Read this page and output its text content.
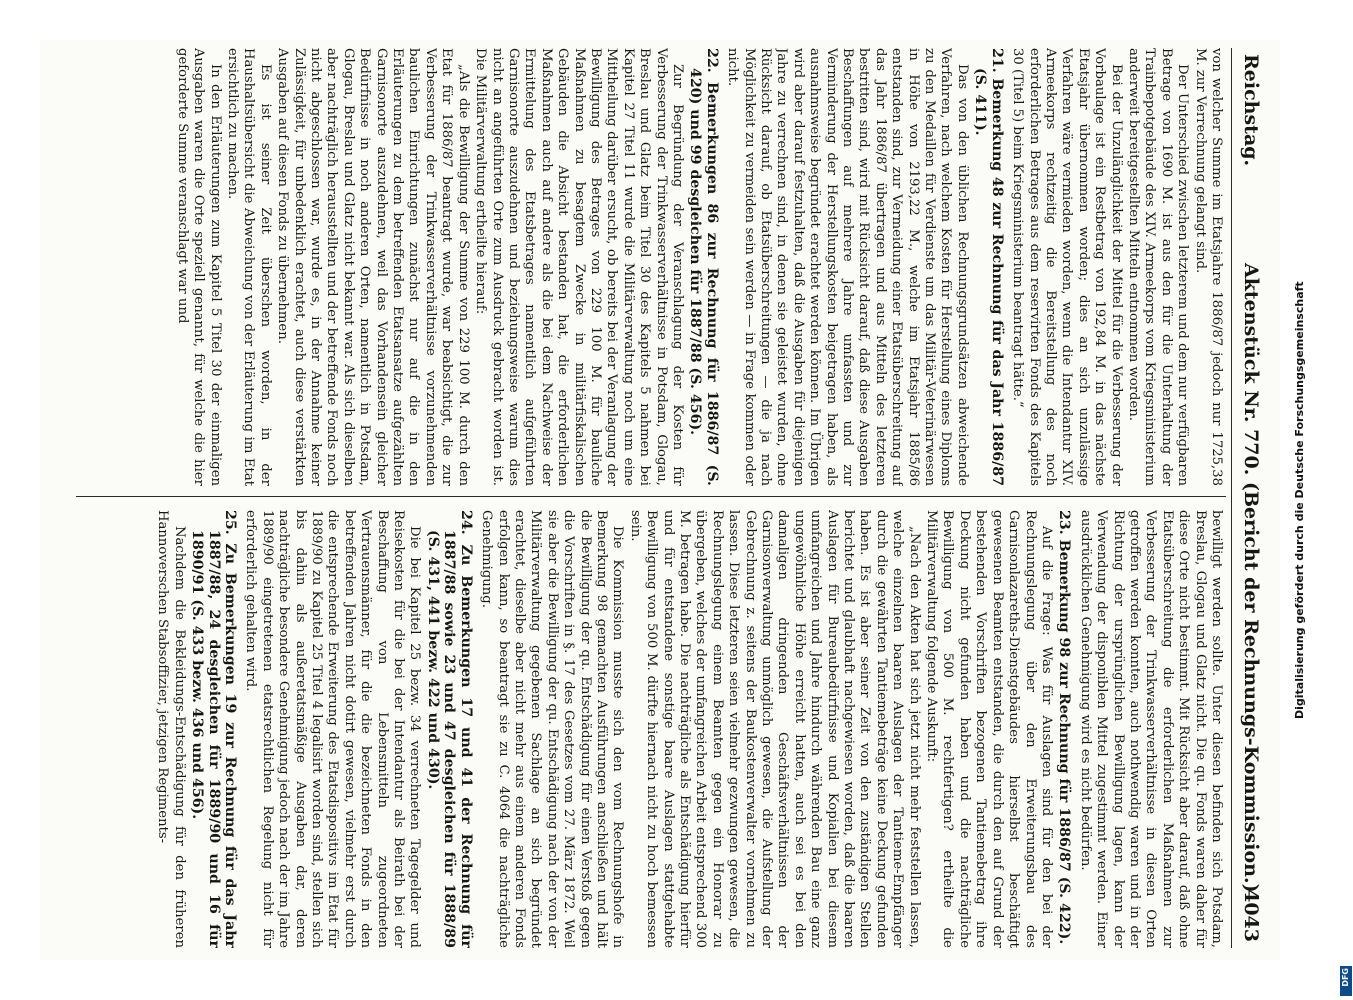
Reichstag.
Aktenstück Nr. 770. (Bericht der Rechnungs-Kommission.)
4043

von welcher Summe im Etatsjahre 1886/87 jedoch nur 1725,38 M. zur Verrechnung gelangt sind.

Der Unterschied zwischen letzterem und dem nur verfügbaren Betrage von 1690 M. ist aus den für die Unterhaltung der Trainbepotgebäude des XIV. Armeekorps vom Kriegsministerium anderweit bereitgestellten Mitteln entnommen worden.

Bei der Unzulänglichkeit der Mittel für die Verbesserung der Vorbaulage ist ein Restbetrag von 192,84 M. in das nächste Etatsjahr übernommen worden; dies an sich unzulässige Verfahren wäre vermieden worden, wenn die Intendantur XIV. Armeekorps rechtzeitig die Bereitstellung des noch erforderlichen Betrages aus dem reservirten Fonds des Kapitels 30 (Titel 5) beim Kriegsministerium beantragt hätte.“

21. Bemerkung 48 zur Rechnung für das Jahr 1886/87 (S. 411).

Das von den üblichen Rechnungsgrundsätzen abweichende Verfahren, nach welchem Kosten für Herstellung eines Diploms zu den Medaillen für Verdienste um das Militär-Veterinärwesen in Höhe von 2193,22 M., welche im Etatsjahr 1885/86 entstanden sind, zur Vermeidung einer Etatsüberschreitung auf das Jahr 1886/87 übertragen und aus Mitteln des letzteren bestritten sind, wird mit Rücksicht darauf, daß diese Ausgaben Beschaffungen auf mehrere Jahre umfassten und zur Verminderung der Herstellungskosten beigetragen haben, als ausnahmsweise begründet erachtet werden können. Im Übrigen wird aber darauf festzuhalten, daß die Ausgaben für diejenigen Jahre zu verrechnen sind, in denen sie geleistet wurden, ohne Rücksicht darauf, ob Etatsüberschreitungen — die ja nach Möglichkeit zu vermeiden sein werden — in Frage kommen oder nicht.

22. Bemerkungen 86 zur Rechnung für 1886/87 (S. 420) und 99 desgleichen für 1887/88 (S. 456).

Zur Begründung der Veranschlagung der Kosten für Verbesserung der Trinkwasserverhältnisse in Potsdam, Glogau, Breslau und Glatz beim Titel 30 des Kapitels 5 nahmen bei Kapitel 27 Titel 11 wurde die Militärverwaltung noch um eine Mittheilung darüber ersucht, ob bereits bei der Veranlagung der Bewilligung des Betrages von 229 100 M. für bauliche Maßnahmen zu besagtem Zwecke in militärfiskalischen Gebäuden die Absicht bestanden hat, die erforderlichen Maßnahmen auch auf andere als die bei dem Nachweise der Ermittelung des Etatsbetrages namentlich aufgeführten Garnisonorte auszudehnen und beziehungsweise warum dies nicht an angeführten Orte zum Ausdruck gebracht worden ist. Die Militärverwaltung ertheilte hierauf:

„Als die Bewilligung der Summe von 229 100 M. durch den Etat für 1886/87 beantragt wurde, war beabsichtigt, die zur Verbesserung der Trinkwasserverhältnisse vorzunehmenden baulichen Einrichtungen zunächst nur auf die in den Erläuterungen zu dem betreffenden Etatsansatze aufgezählten Garnisonorte auszudehnen, weil das Vorhandensein gleicher Bedürfnisse in noch anderen Orten, namentlich in Potsdam, Glogau, Breslau und Glatz nicht bekannt war. Als sich dieselben aber nachträglich herausstellten und der betreffende Fonds noch nicht abgeschlossen war, wurde es, in der Annahme keiner Zulässigkeit, für unbedenklich erachtet, auch diese verstärkten Ausgaben auf diesen Fonds zu übernehmen.

Es ist seiner Zeit überschen worden, in der Haushaltsübersicht die Abweichung von der Erläuterung im Etat ersichtlich zu machen.

In den Erläuterungen zum Kapitel 5 Titel 30 der einmaligen Ausgaben waren die Orte speziell genannt, für welche die hier geforderte Summe veranschlagt war und

bewilligt werden sollte. Unter diesen befinden sich Potsdam, Breslau, Glogau und Glatz nicht. Die qu. Fonds waren daher für diese Orte nicht bestimmt. Mit Rücksicht aber darauf, daß ohne Etatsüberschreitung die erforderlichen Maßnahmen zur Verbesserung der Trinkwasserverhältnisse in diesen Orten getroffen werden konnten, auch nothwendig waren und in der Richtung der ursprünglichen Bewilligung lagen, kann der Verwendung der disponiblen Mittel zugestimmt werden. Einer ausdrücklichen Genehmigung wird es nicht bedürfen.

23. Bemerkung 98 zur Rechnung für 1886/87 (S. 422).

Auf die Frage: Was für Auslagen sind für den bei der Rechnungslegung über den Erweiterungsbau des Garnisonlazareths-Dienstgebäudes hierselbst beschäftigt gewesenen Beamten entstanden, die durch den auf Grund der bestehenden Vorschriften bezogenen Tantiemebetrag ihre Deckung nicht gefunden haben und die nachträgliche Bewilligung von 500 M. rechtfertigen? ertheilte die Militärverwaltung folgende Auskunft:

„Nach den Akten hat sich jetzt nicht mehr feststellen lassen, welche einzelnen baaren Auslagen der Tantieme-Empfänger durch die gewährten Tantiemebeträge keine Deckung gefunden haben. Es ist aber seiner Zeit von den zuständigen Stellen berichtet und glaubhaft nachgewiesen worden, daß die baaren Auslagen für Bureaubedürfnisse und Kopialien bei diesem umfangreichen und Jahre hindurch währenden Bau eine ganz ungewöhnliche Höhe erreicht hatten, auch sei es bei den damaligen dringenden Geschäftsverhältnissen der Garnisonverwaltung unmöglich gewesen, die Aufstellung der Gebrechnung z. seitens der Baukostenverwalter vornehmen zu lassen. Diese letzteren seien vielmehr gezwungen gewesen, die Rechnungslegung einem Beamten gegen ein Honorar zu übergeben, welches der umfangreichen Arbeit entsprechend 300 M. betragen habe. Die nachträgliche als Entschädigung hierfür und für entstandene sonstige baare Auslagen stattgehabte Bewilligung von 500 M. dürfte hiernach nicht zu hoch bemessen sein.

Die Kommission musste sich den vom Rechnungshofe in Bemerkung 98 gemachten Ausführungen anschließen und hält die Bewilligung der qu. Entschädigung für einen Verstoß gegen die Vorschriften in §. 17 des Gesetzes vom 27. März 1872. Weil sie aber die Bewilligung der qu. Entschädigung nach der von der Militärverwaltung gegebenen Sachlage an sich begründet erachtet, dieselbe aber nicht mehr aus einem anderen Fonds erfolgen kann, so beantragt sie zu C. 4064 die nachträgliche Genehmigung.

24. Zu Bemerkungen 17 und 41 der Rechnung für 1887/88 sowie 23 und 47 desgleichen für 1888/89 (S. 431, 441 bezw. 422 und 430).

Die bei Kapitel 25 bezw. 34 verrechneten Tagegelder und Reisekosten für die bei der Intendantur als Beirath bei der Beschaffung von Lebensmitteln zugeordneten Vertrauensmänner, für die die bezeichneten Fonds in den betreffenden Jahren nicht dotirt gewesen, vielmehr erst durch die entsprechende Erweiterung des Etatsdispositivs im Etat für 1889/90 zu Kapitel 25 Titel 4 legalisirt worden sind, stellen sich bis dahin als außeretatsmäßige Ausgaben dar, deren nachträgliche besondere Genehmigung jedoch nach der im Jahre 1889/90 eingetretenen etatsrechtlichen Regelung nicht für erforderlich gehalten wird.

25. Zu Bemerkungen 19 zur Rechnung für das Jahr 1887/88, 24 desgleichen für 1889/90 und 16 für 1890/91 (S. 433 bezw. 436 und 456).

Nachdem die Bekleidungs-Entschädigung für den früheren Hannoverschen Stabsoffizier, jetzigen Regiments-	Digitalisierung gefördert durch die Deutsche Forschungsgemeinschaft
DFG
